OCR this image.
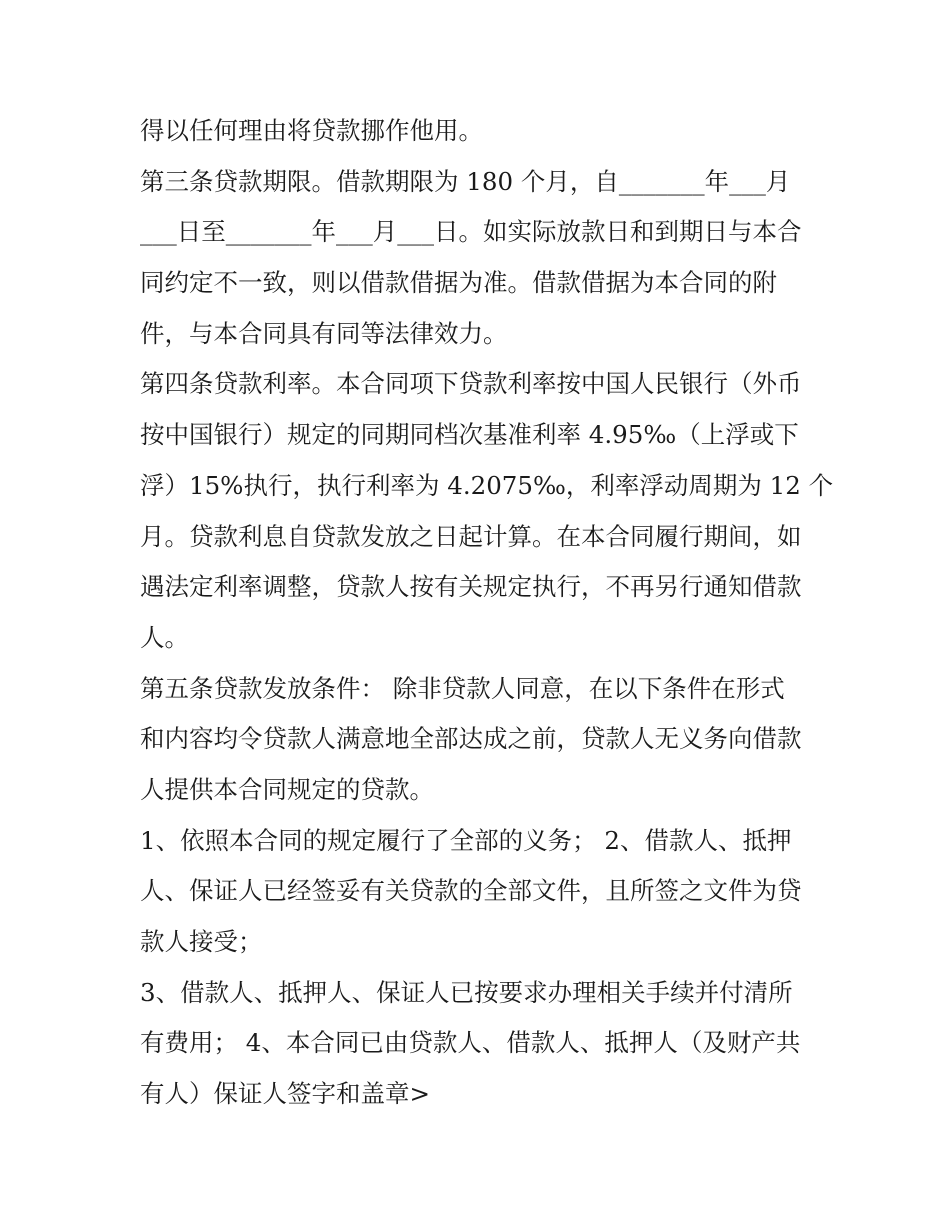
得以任何理由将贷款挪作他用。
第三条贷款期限。借款期限为 180 个月，自_______年___月
___日至_______年___月___日。如实际放款日和到期日与本合
同约定不一致，则以借款借据为准。借款借据为本合同的附
件，与本合同具有同等法律效力。
第四条贷款利率。本合同项下贷款利率按中国人民银行（外币
按中国银行）规定的同期同档次基准利率 4.95‰（上浮或下
浮）15%执行，执行利率为 4.2075‰，利率浮动周期为 12 个
月。贷款利息自贷款发放之日起计算。在本合同履行期间，如
遇法定利率调整，贷款人按有关规定执行，不再另行通知借款
人。
第五条贷款发放条件： 除非贷款人同意，在以下条件在形式
和内容均令贷款人满意地全部达成之前，贷款人无义务向借款
人提供本合同规定的贷款。
1、依照本合同的规定履行了全部的义务； 2、借款人、抵押
人、保证人已经签妥有关贷款的全部文件，且所签之文件为贷
款人接受；
3、借款人、抵押人、保证人已按要求办理相关手续并付清所
有费用； 4、本合同已由贷款人、借款人、抵押人（及财产共
有人）保证人签字和盖章>
